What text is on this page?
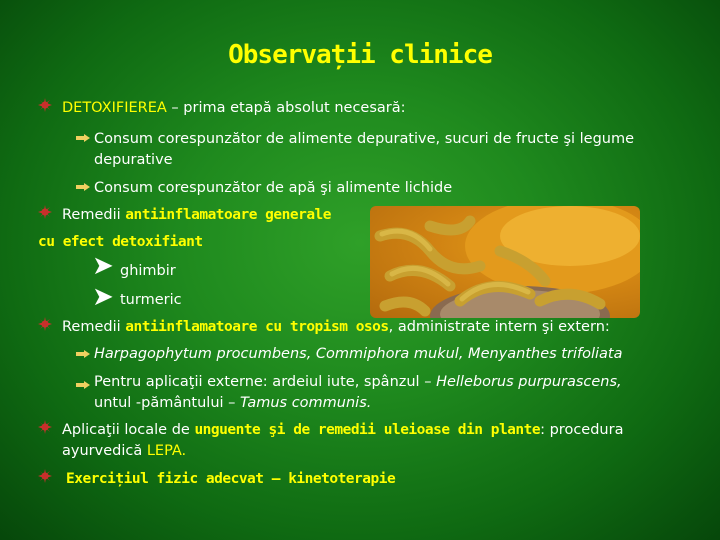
Observații clinice
DETOXIFIEREA – prima etapă absolut necesară:
Consum corespunzător de alimente depurative, sucuri de fructe şi legume
depurative
Consum corespunzător de apă şi alimente lichide
Remedii antiinflamatoare generale
cu efect detoxifiant
➤ ghimbir
➤ turmeric
Remedii antiinflamatoare cu tropism osos, administrate intern şi extern:
Harpagophytum procumbens, Commiphora mukul, Menyanthes trifoliata
Pentru aplicaţii externe: ardeiul iute, spânzul – Helleborus purpurascens,
untul -pământului – Tamus communis.
Aplicaţii locale de unguente şi de remedii uleioase din plante: procedura
ayurvedică LEPA.
Exercițiul fizic adecvat – kinetoterapie
